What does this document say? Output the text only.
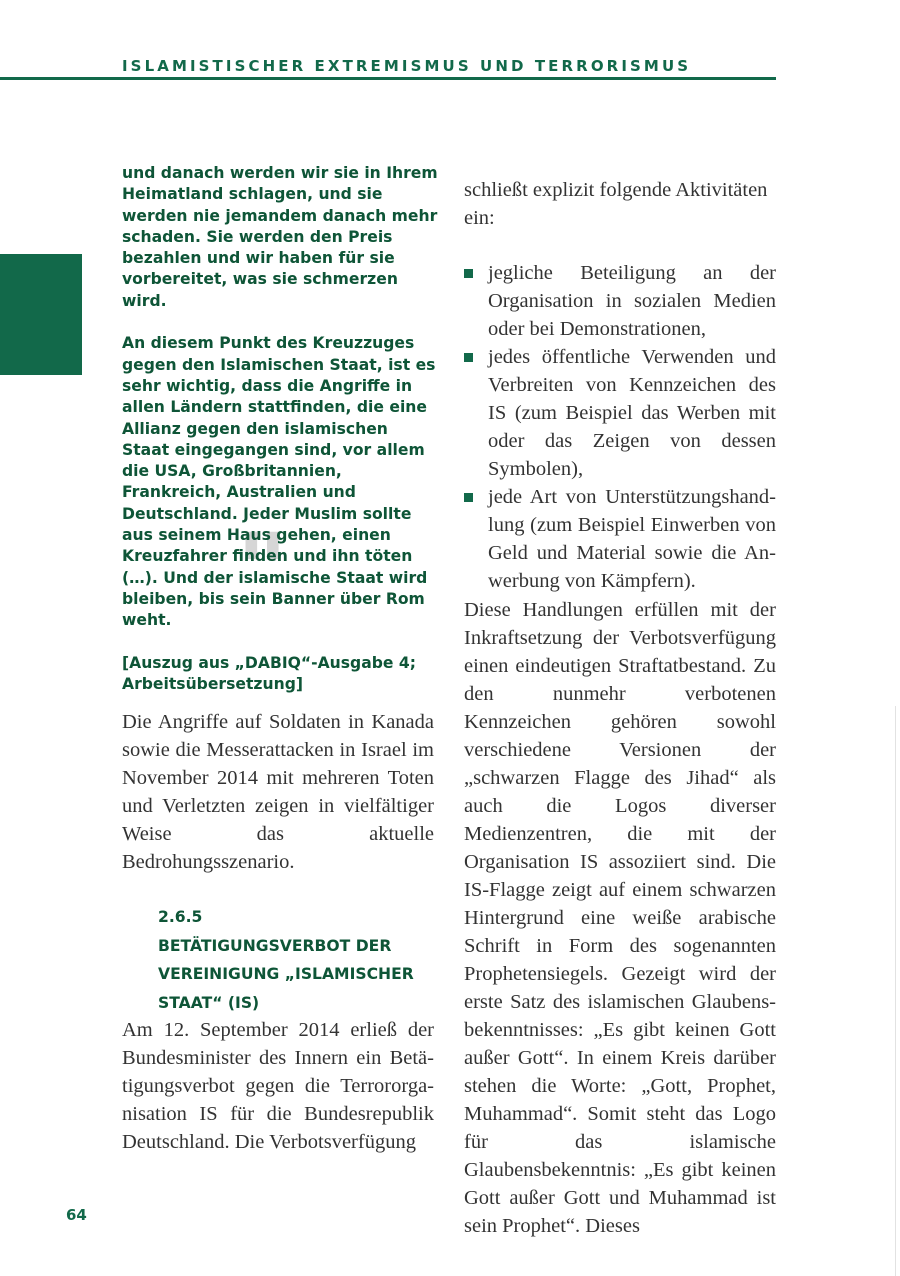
ISLAMISTISCHER EXTREMISMUS UND TERRORISMUS
"

und danach werden wir sie in Ihrem Heimatland schlagen, und sie werden nie jemandem danach mehr schaden. Sie werden den Preis bezahlen und wir haben für sie vorbereitet, was sie schmerzen wird.

An diesem Punkt des Kreuzzuges gegen den Islamischen Staat, ist es sehr wichtig, dass die Angriffe in allen Ländern stattfinden, die eine Allianz gegen den islamischen Staat eingegangen sind, vor allem die USA, Großbritannien, Frankreich, Australien und Deutschland. Jeder Muslim sollte aus seinem Haus gehen, einen Kreuzfahrer finden und ihn töten (…). Und der islamische Staat wird bleiben, bis sein Banner über Rom weht.

[Auszug aus „DABIQ“-Ausgabe 4; Arbeitsübersetzung]

Die Angriffe auf Soldaten in Kanada sowie die Messerattacken in Israel im November 2014 mit mehreren Toten und Verletzten zeigen in vielfältiger Weise das aktuelle Bedrohungsszenario.

2.6.5
BETÄTIGUNGSVERBOT DER
VEREINIGUNG „ISLAMISCHER
STAAT“ (IS)

Am 12. September 2014 erließ der Bundesminister des Innern ein Betätigungsverbot gegen die Terrororganisation IS für die Bundesrepublik Deutschland. Die Verbotsverfügung

schließt explizit folgende Aktivitäten ein:

jegliche Beteiligung an der Organisation in sozialen Medien oder bei Demonstrationen,
jedes öffentliche Verwenden und Verbreiten von Kennzeichen des IS (zum Beispiel das Werben mit oder das Zeigen von dessen Symbolen),
jede Art von Unterstützungshandlung (zum Beispiel Einwerben von Geld und Material sowie die Anwerbung von Kämpfern).

Diese Handlungen erfüllen mit der Inkraftsetzung der Verbotsverfügung einen eindeutigen Straftatbestand. Zu den nunmehr verbotenen Kennzeichen gehören sowohl verschiedene Versionen der „schwarzen Flagge des Jihad“ als auch die Logos diverser Medienzentren, die mit der Organisation IS assoziiert sind. Die IS-Flagge zeigt auf einem schwarzen Hintergrund eine weiße arabische Schrift in Form des sogenannten Prophetensiegels. Gezeigt wird der erste Satz des islamischen Glaubensbekenntnisses: „Es gibt keinen Gott außer Gott“. In einem Kreis darüber stehen die Worte: „Gott, Prophet, Muhammad“. Somit steht das Logo für das islamische Glaubensbekenntnis: „Es gibt keinen Gott außer Gott und Muhammad ist sein Prophet“. Dieses

64
